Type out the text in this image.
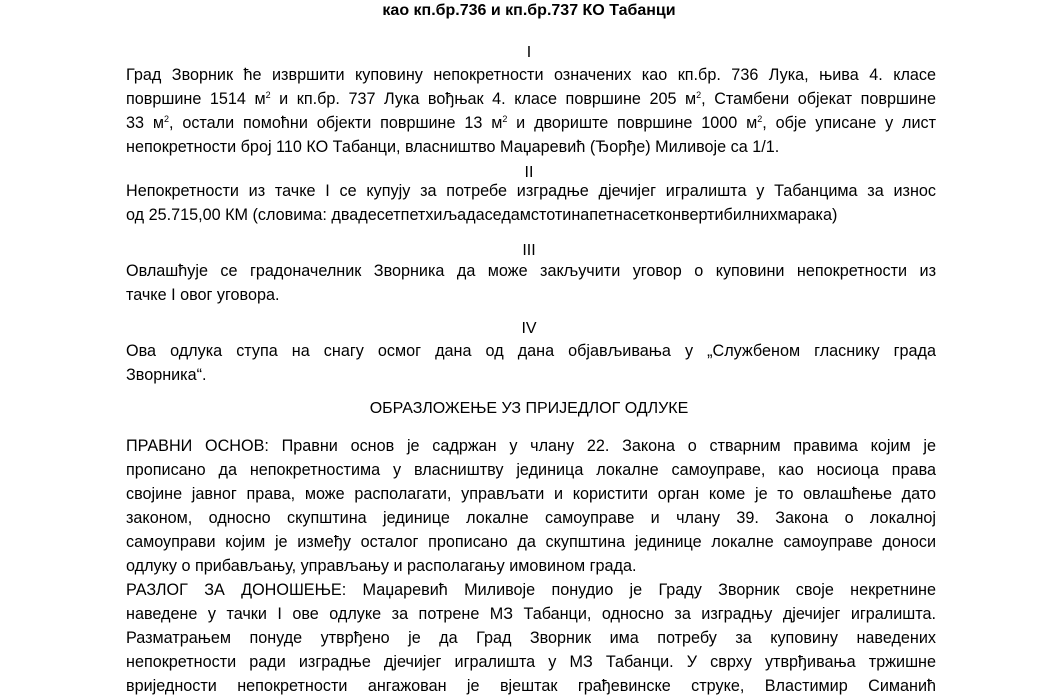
као кп.бр.736 и кп.бр.737 КО Табанци
I
Град Зворник ће извршити куповину непокретности означених као кп.бр. 736 Лука, њива 4. класе
површине 1514 $м^2$ и кп.бр. 737 Лука вођњак 4. класе површине 205 $м^2$, Стамбени објекат површине
33 $м^2$, остали помоћни објекти површине 13 $м^2$ и двориште површине 1000 $м^2$, обје уписане у лист
непокретности број 110 КО Табанци, власништво Маџаревић (Ђорђе) Миливоје са 1/1.
II
Непокретности из тачке I се купују за потребе изградње дјечијег игралишта у Табанцима за износ
од 25.715,00 КМ (словима: двадесетпетхиљадаседамстотинапетнасетконвертибилнихмарака)
III
Овлашћује се градоначелник Зворника да може закључити уговор о куповини непокретности из
тачке I овог уговора.
IV
Ова одлука ступа на снагу осмог дана од дана објављивања у „Службеном гласнику града
Зворника“.
ОБРАЗЛОЖЕЊЕ УЗ ПРИЈЕДЛОГ ОДЛУКЕ
ПРАВНИ ОСНОВ: Правни основ је садржан у члану 22. Закона о стварним правима којим је
прописано да непокретностима у власништву јединица локалне самоуправе, као носиоца права
својине јавног права, може располагати, управљати и користити орган коме је то овлашћење дато
законом, односно скупштина јединице локалне самоуправе и члану 39. Закона о локалној
самоуправи којим је између осталог прописано да скупштина јединице локалне самоуправе доноси
одлуку о прибављању, управљању и располагању имовином града.
РАЗЛОГ ЗА ДОНОШЕЊЕ: Маџаревић Миливоје понудио је Граду Зворник своје некретнине
наведене у тачки I ове одлуке за потрене МЗ Табанци, односно за изградњу дјечијег игралишта.
Разматрањем понуде утврђено је да Град Зворник има потребу за куповину наведених
непокретности ради изградње дјечијег игралишта у МЗ Табанци. У сврху утврђивања тржишне
вриједности непокретности ангажован је вјештак грађевинске струке, Властимир Симанић
